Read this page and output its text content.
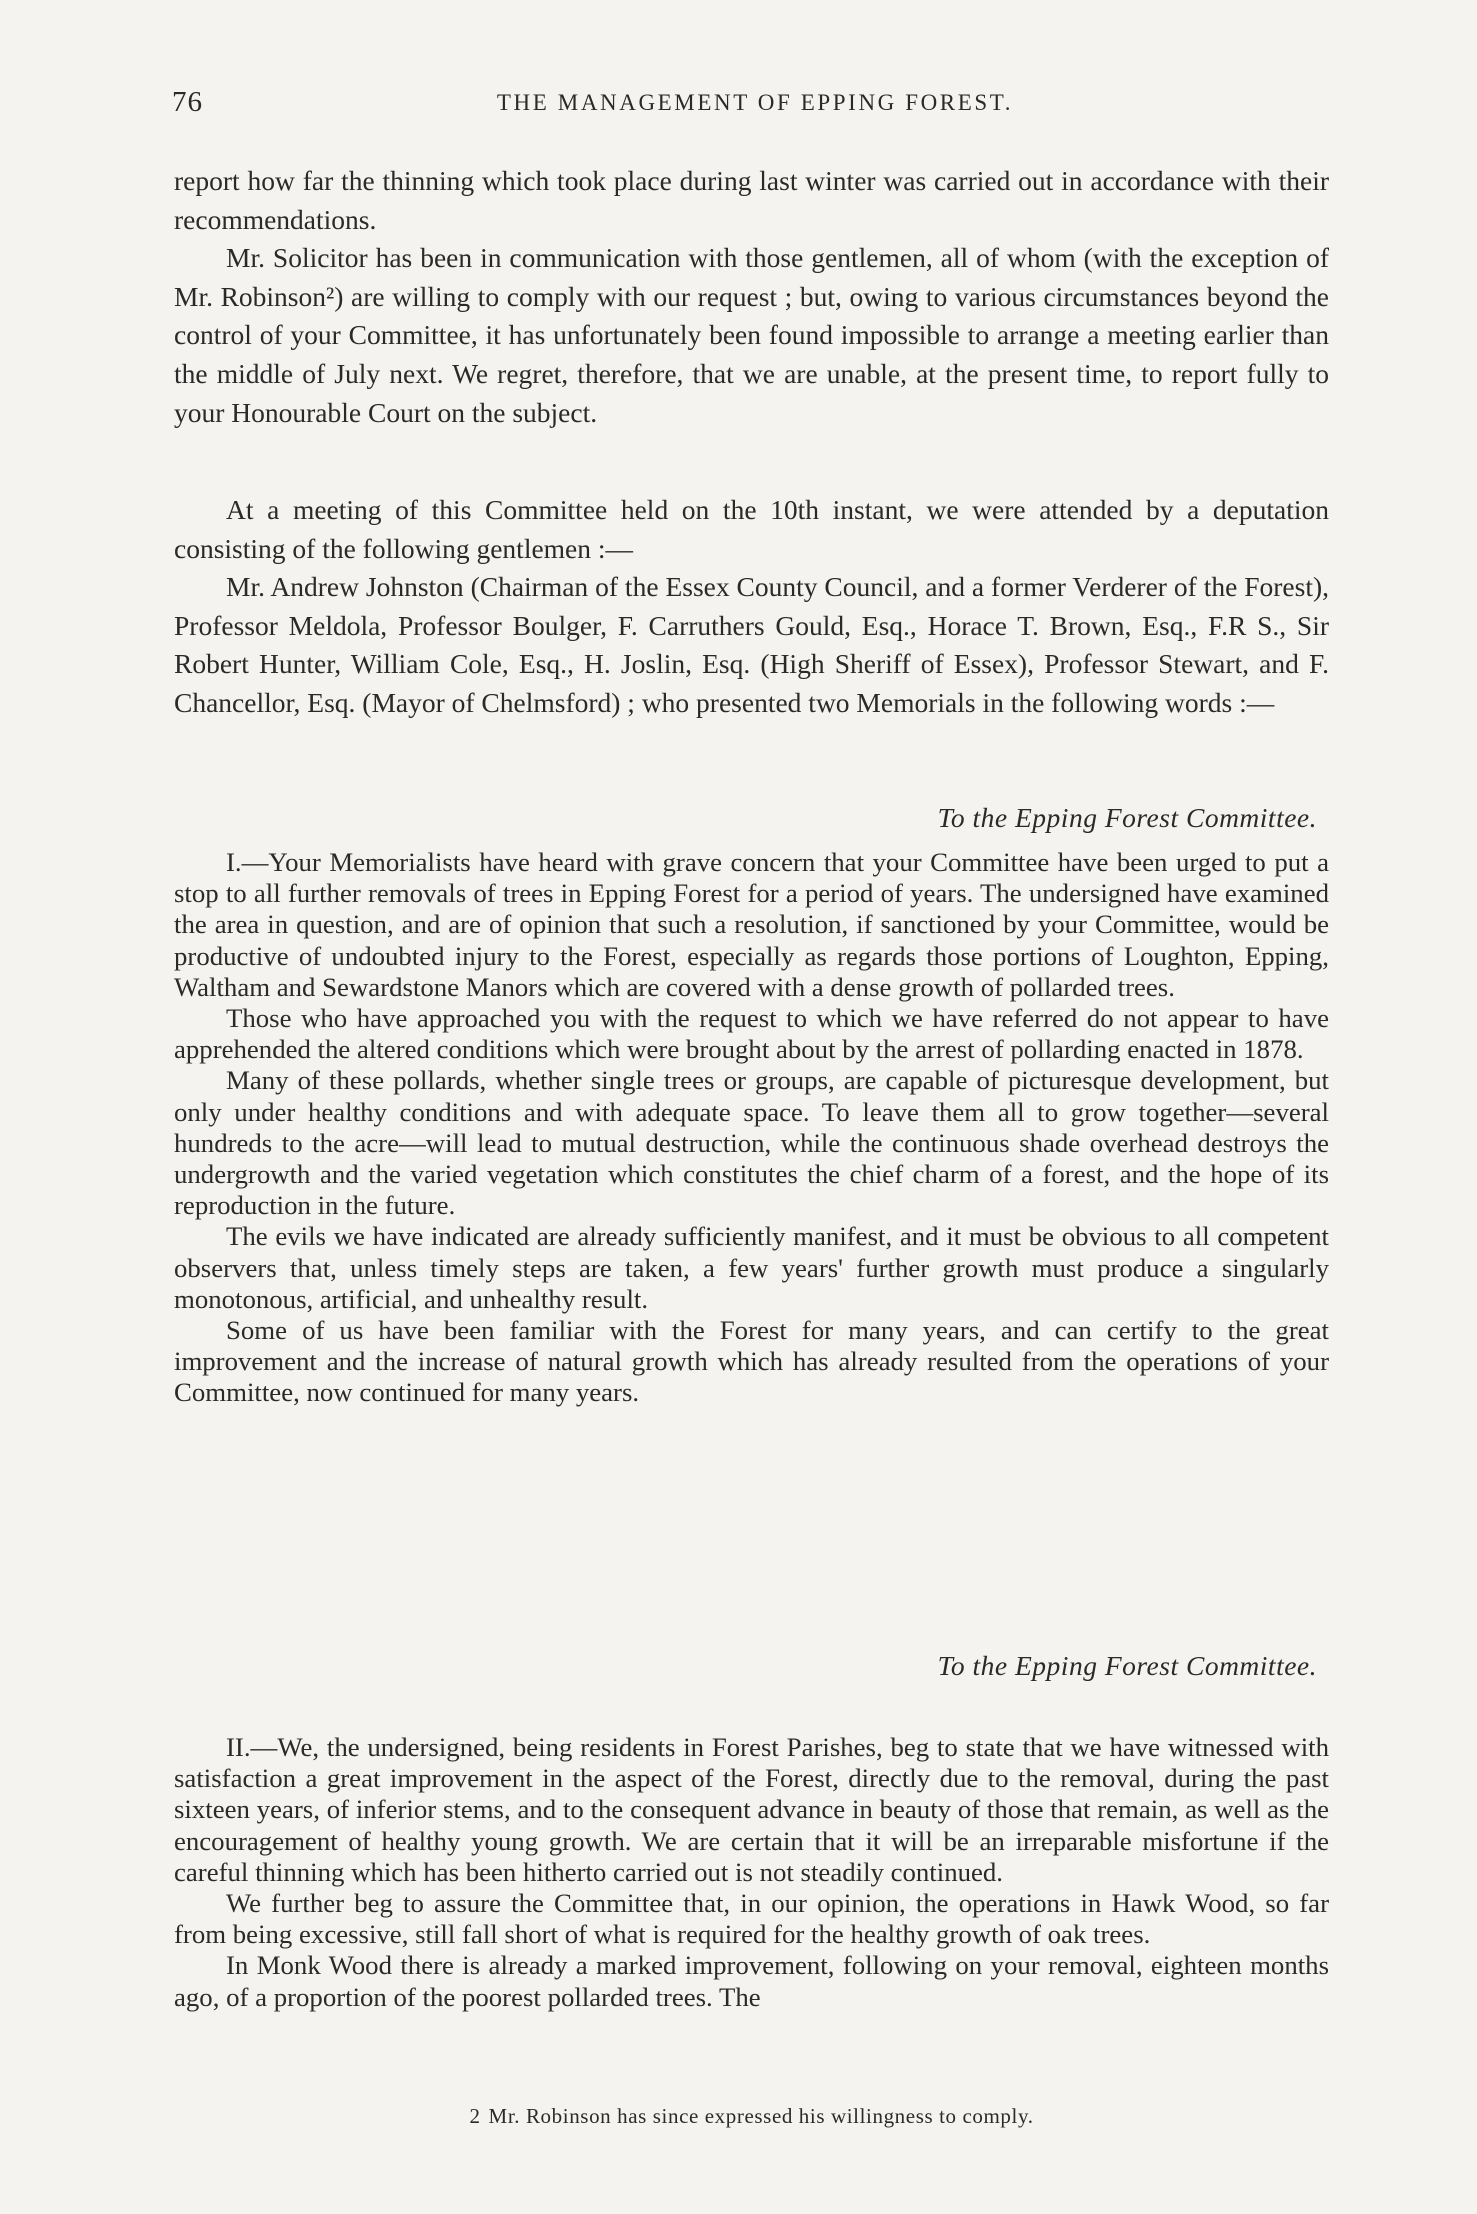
76	THE MANAGEMENT OF EPPING FOREST.

report how far the thinning which took place during last winter was carried out in accordance with their recommendations.

Mr. Solicitor has been in communication with those gentlemen, all of whom (with the exception of Mr. Robinson²) are willing to comply with our request ; but, owing to various circumstances beyond the control of your Committee, it has unfortunately been found impossible to arrange a meeting earlier than the middle of July next. We regret, therefore, that we are unable, at the present time, to report fully to your Honourable Court on the subject.

At a meeting of this Committee held on the 10th instant, we were attended by a deputation consisting of the following gentlemen :—

Mr. Andrew Johnston (Chairman of the Essex County Council, and a former Verderer of the Forest), Professor Meldola, Professor Boulger, F. Carruthers Gould, Esq., Horace T. Brown, Esq., F.R S., Sir Robert Hunter, William Cole, Esq., H. Joslin, Esq. (High Sheriff of Essex), Professor Stewart, and F. Chancellor, Esq. (Mayor of Chelmsford) ; who presented two Memorials in the following words :—

To the Epping Forest Committee.

I.—Your Memorialists have heard with grave concern that your Committee have been urged to put a stop to all further removals of trees in Epping Forest for a period of years. The undersigned have examined the area in question, and are of opinion that such a resolution, if sanctioned by your Committee, would be productive of undoubted injury to the Forest, especially as regards those portions of Loughton, Epping, Waltham and Sewardstone Manors which are covered with a dense growth of pollarded trees.

Those who have approached you with the request to which we have referred do not appear to have apprehended the altered conditions which were brought about by the arrest of pollarding enacted in 1878.

Many of these pollards, whether single trees or groups, are capable of picturesque development, but only under healthy conditions and with adequate space. To leave them all to grow together—several hundreds to the acre—will lead to mutual destruction, while the continuous shade overhead destroys the undergrowth and the varied vegetation which constitutes the chief charm of a forest, and the hope of its reproduction in the future.

The evils we have indicated are already sufficiently manifest, and it must be obvious to all competent observers that, unless timely steps are taken, a few years' further growth must produce a singularly monotonous, artificial, and unhealthy result.

Some of us have been familiar with the Forest for many years, and can certify to the great improvement and the increase of natural growth which has already resulted from the operations of your Committee, now continued for many years.

To the Epping Forest Committee.

II.—We, the undersigned, being residents in Forest Parishes, beg to state that we have witnessed with satisfaction a great improvement in the aspect of the Forest, directly due to the removal, during the past sixteen years, of inferior stems, and to the consequent advance in beauty of those that remain, as well as the encouragement of healthy young growth. We are certain that it will be an irreparable misfortune if the careful thinning which has been hitherto carried out is not steadily continued.

We further beg to assure the Committee that, in our opinion, the operations in Hawk Wood, so far from being excessive, still fall short of what is required for the healthy growth of oak trees.

In Monk Wood there is already a marked improvement, following on your removal, eighteen months ago, of a proportion of the poorest pollarded trees. The

2 Mr. Robinson has since expressed his willingness to comply.
